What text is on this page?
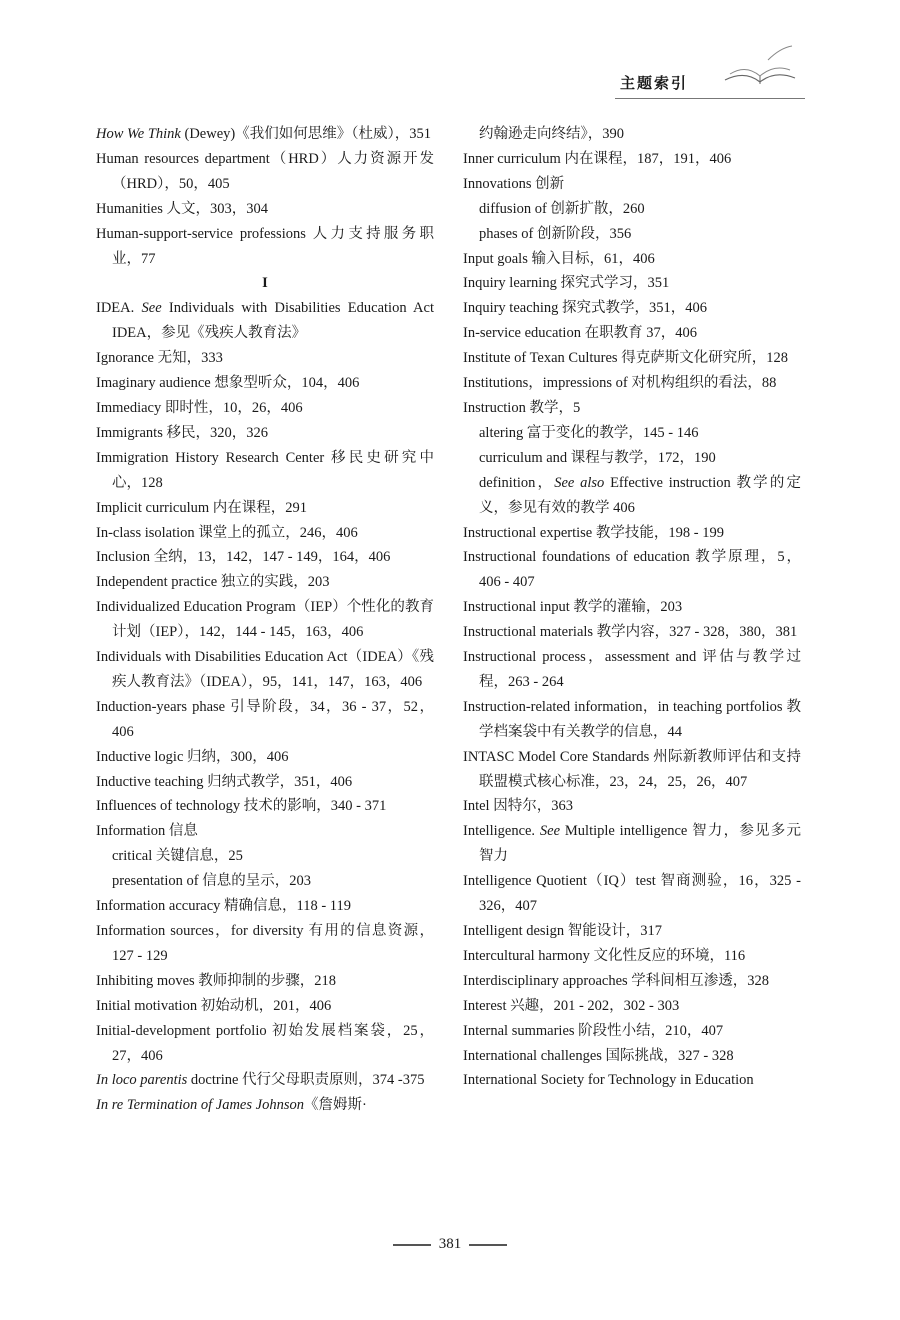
主题索引
How We Think (Dewey)《我们如何思维》（杜威），351
Human resources department（HRD）人力资源开发（HRD），50，405
Humanities 人文，303，304
Human-support-service professions 人力支持服务职业，77
I
IDEA. See Individuals with Disabilities Education Act IDEA，参见《残疾人教育法》
Ignorance 无知，333
Imaginary audience 想象型听众，104，406
Immediacy 即时性，10，26，406
Immigrants 移民，320，326
Immigration History Research Center 移民史研究中心，128
Implicit curriculum 内在课程，291
In-class isolation 课堂上的孤立，246，406
Inclusion 全纳，13，142，147 - 149，164，406
Independent practice 独立的实践，203
Individualized Education Program（IEP）个性化的教育计划（IEP），142，144 - 145，163，406
Individuals with Disabilities Education Act（IDEA）《残疾人教育法》（IDEA），95，141，147，163，406
Induction-years phase 引导阶段，34，36 - 37，52，406
Inductive logic 归纳，300，406
Inductive teaching 归纳式教学，351，406
Influences of technology 技术的影响，340 - 371
Information 信息
critical 关键信息，25
presentation of 信息的呈示，203
Information accuracy 精确信息，118 - 119
Information sources，for diversity 有用的信息资源，127 - 129
Inhibiting moves 教师抑制的步骤，218
Initial motivation 初始动机，201，406
Initial-development portfolio 初始发展档案袋，25，27，406
In loco parentis doctrine 代行父母职责原则，374 -375
In re Termination of James Johnson《詹姆斯·
约翰逊走向终结》，390
Inner curriculum 内在课程，187，191，406
Innovations 创新
diffusion of 创新扩散，260
phases of 创新阶段，356
Input goals 输入目标，61，406
Inquiry learning 探究式学习，351
Inquiry teaching 探究式教学，351，406
In-service education 在职教育 37，406
Institute of Texan Cultures 得克萨斯文化研究所，128
Institutions，impressions of 对机构组织的看法，88
Instruction 教学，5
altering 富于变化的教学，145 - 146
curriculum and 课程与教学，172，190
definition，See also Effective instruction 教学的定义，参见有效的教学 406
Instructional expertise 教学技能，198 - 199
Instructional foundations of education 教学原理，5，406 - 407
Instructional input 教学的灌输，203
Instructional materials 教学内容，327 - 328，380，381
Instructional process，assessment and 评估与教学过程，263 - 264
Instruction-related information，in teaching portfolios 教学档案袋中有关教学的信息，44
INTASC Model Core Standards 州际新教师评估和支持联盟模式核心标准，23，24，25，26，407
Intel 因特尔，363
Intelligence. See Multiple intelligence 智力，参见多元智力
Intelligence Quotient（IQ）test 智商测验，16，325 - 326，407
Intelligent design 智能设计，317
Intercultural harmony 文化性反应的环境，116
Interdisciplinary approaches 学科间相互渗透，328
Interest 兴趣，201 - 202，302 - 303
Internal summaries 阶段性小结，210，407
International challenges 国际挑战，327 - 328
International Society for Technology in Education
381
